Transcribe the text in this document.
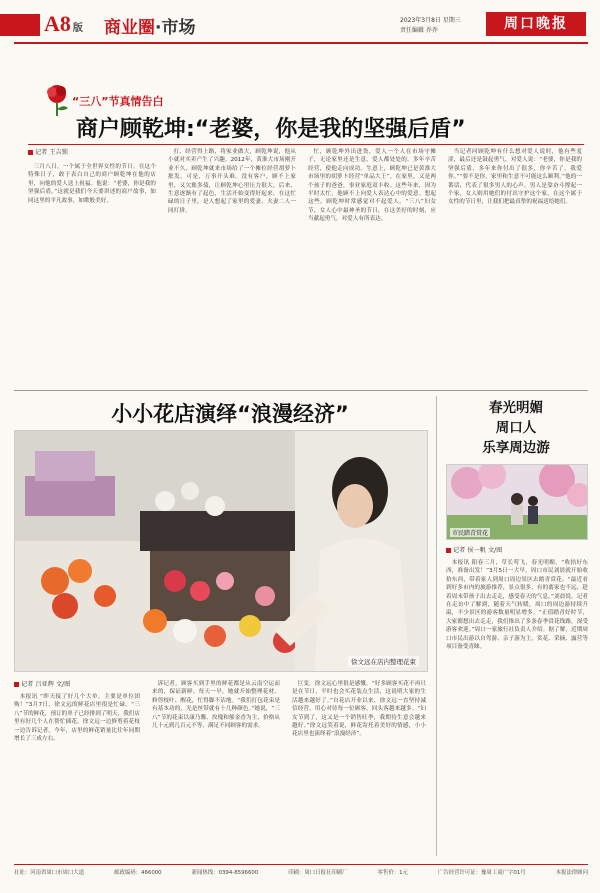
A8 版 商业圈·市场	2023年3月8日 星期三
责任编辑 乔乔	周口晚报
“三八”节真情告白
商户顾乾坤:“老婆，你是我的坚强后盾”
记者 王吉锁

三月八日，一个属于全世界女性的节日。在这个特殊日子，敢于表白自己的商户顾乾坤在他的店里，向他的爱人送上祝福。他说：“老婆，你是我的坚强后盾。”这就是我们今天要讲述的商户故事，如同这里的平凡故事，如歌般美好。

打、经营得上路，将家业做大，顾乾坤说，他从小就对买卖产生了兴趣。2012年，黄淮大市场刚开业不久，顾乾坤就来市场给了一个摊位经营胡萝卜批发。可是，万事开头难。没有客户，顾不上家里，又欠账多债，让顾乾坤心里压力很大。后来，生意逐渐有了起色，生活开始变得好起来。在这忙碌的日子里，是人想起了家里的爱妻，夫妻二人一同打拼。

忙，顾乾坤外出进货，爱人一个人在市场守摊子，无论家里还是生意，爱人都处处的。多年辛苦经营，使他走向成功。生意上，顾乾坤已是黄淮大市场里的胡萝卜经营“单品大王”。在家里，又是两个孩子的爸爸，事业家庭双丰收。这些年来，因为平时太忙，他顾不上向爱人表达心中的爱意。想起这些，顾乾坤时常感觉对不起爱人。“三八”妇女节，女人心中最神圣的节日，在这美好的时刻，应当献起勇气，对爱人有所表达。

当记者问顾乾坤有什么想对爱人说时，他有些羞涩，最后还是鼓起勇气，对爱人说：“老婆，你是我的坚强后盾，多年来你付出了很多，你辛苦了，我爱你。”“要不是你，家里和生意不可能这么顺利。”他的一番话，代表了很多男人的心声。男人是靠奋斗撑起一个家，女人则用她们的付出守护这个家。在这个属于女性的节日里，让我们把最真挚的祝福送给她们。

小小花店演绎“浪漫经济”
徐文远在店内整理花束
记者 吕亚辉 文/图

本报讯 “昨天接了好几个大单，主要是单位团购！”3月7日，徐文远的鲜花店里很是忙碌。“三八”节的鲜花，预订的单子已经排到了明天，我们店里有好几个人在帮忙插花。徐文远一边修剪着花枝一边告诉记者。今年，店里的鲜花销量比往年同期增长了三成左右。

诉记者，顾客买到手里的鲜花都是从云南空运而来的，保证新鲜。每天一早，她就开始整理花材、修剪枝叶、醒花，忙得脚不沾地。“我们打包花束是有基本功的，光是丝带就有十几种颜色。”她说，“三八”节的花束以康乃馨、玫瑰和郁金香为主，价格从几十元到几百元不等，满足不同顾客的需求。

巨变，徐文远心里很是感慨，“好多顾客买花不再只是在节日，平时也会买花装点生活，这说明大家的生活越来越好了。”自花店开业以来，徐文远一直坚持诚信经营，用心对待每一位顾客，回头客越来越多。“妇女节到了，这又是一个销售旺季，我期待生意会越来越好。”徐文远笑着说，鲜花寄托着美好的情感，小小花店里也演绎着“浪漫经济”。

春光明媚
周口人
乐享周边游
市民踏青赏花
记者 侯一帆 文/图

本报讯 阳春三月，草长莺飞，春光明媚。“收拾好东西，准备出发！”3月5日一大早，周口市民刘晨就开始收拾东西，带着家人到周口周边景区去踏青赏花。“最近看到好多市内的旅游推荐，景点很多，有的离家也不远，趁着周末带孩子出去走走，感受春天的气息。”刘晨说。记者在走访中了解到，随着天气转暖，周口的周边游持续升温，不少景区的游客数量明显增多。“正值踏青好时节，大家都想出去走走，我们推出了多条春季赏花线路，深受游客欢迎。”周口一家旅行社负责人介绍。据了解，近期周口市民出游以自驾游、亲子游为主，赏花、采摘、露营等项目备受青睐。

社址：河南省周口市周口大道	邮政编码：466000	新闻热线：0394-8596600	印刷：周口日报社印刷厂	零售价：1元	广告经营许可证：豫周工商广字01号	本报法律顾问
